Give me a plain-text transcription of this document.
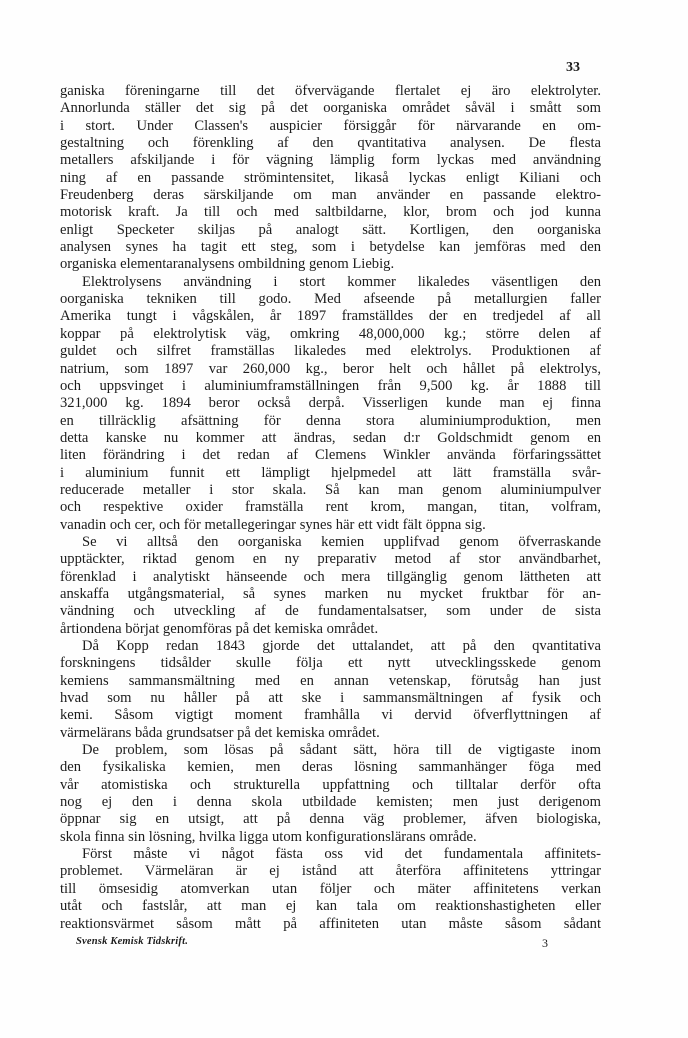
33
ganiska föreningarne till det öfvervägande flertalet ej äro elektrolyter.
Annorlunda ställer det sig på det oorganiska området såväl i smått som
i stort. Under Classen's auspicier försiggår för närvarande en om-
gestaltning och förenkling af den qvantitativa analysen. De flesta
metallers afskiljande i för vägning lämplig form lyckas med användning
ning af en passande strömintensitet, likaså lyckas enligt Kiliani och
Freudenberg deras särskiljande om man använder en passande elektro-
motorisk kraft. Ja till och med saltbildarne, klor, brom och jod kunna
enligt Specketer skiljas på analogt sätt. Kortligen, den oorganiska
analysen synes ha tagit ett steg, som i betydelse kan jemföras med den
organiska elementaranalysens ombildning genom Liebig.
Elektrolysens användning i stort kommer likaledes väsentligen den
oorganiska tekniken till godo. Med afseende på metallurgien faller
Amerika tungt i vågskålen, år 1897 framställdes der en tredjedel af all
koppar på elektrolytisk väg, omkring 48,000,000 kg.; större delen af
guldet och silfret framställas likaledes med elektrolys. Produktionen af
natrium, som 1897 var 260,000 kg., beror helt och hållet på elektrolys,
och uppsvinget i aluminiumframställningen från 9,500 kg. år 1888 till
321,000 kg. 1894 beror också derpå. Visserligen kunde man ej finna
en tillräcklig afsättning för denna stora aluminiumproduktion, men
detta kanske nu kommer att ändras, sedan d:r Goldschmidt genom en
liten förändring i det redan af Clemens Winkler använda förfaringssättet
i aluminium funnit ett lämpligt hjelpmedel att lätt framställa svår-
reducerade metaller i stor skala. Så kan man genom aluminiumpulver
och respektive oxider framställa rent krom, mangan, titan, volfram,
vanadin och cer, och för metallegeringar synes här ett vidt fält öppna sig.
Se vi alltså den oorganiska kemien upplifvad genom öfverraskande
upptäckter, riktad genom en ny preparativ metod af stor användbarhet,
förenklad i analytiskt hänseende och mera tillgänglig genom lättheten att
anskaffa utgångsmaterial, så synes marken nu mycket fruktbar för an-
vändning och utveckling af de fundamentalsatser, som under de sista
årtiondena börjat genomföras på det kemiska området.
Då Kopp redan 1843 gjorde det uttalandet, att på den qvantitativa
forskningens tidsålder skulle följa ett nytt utvecklingsskede genom
kemiens sammansmältning med en annan vetenskap, förutsåg han just
hvad som nu håller på att ske i sammansmältningen af fysik och
kemi. Såsom vigtigt moment framhålla vi dervid öfverflyttningen af
värmelärans båda grundsatser på det kemiska området.
De problem, som lösas på sådant sätt, höra till de vigtigaste inom
den fysikaliska kemien, men deras lösning sammanhänger föga med
vår atomistiska och strukturella uppfattning och tilltalar derför ofta
nog ej den i denna skola utbildade kemisten; men just derigenom
öppnar sig en utsigt, att på denna väg problemer, äfven biologiska,
skola finna sin lösning, hvilka ligga utom konfigurationslärans område.
Först måste vi något fästa oss vid det fundamentala affinitets-
problemet. Värmeläran är ej istånd att återföra affinitetens yttringar
till ömsesidig atomverkan utan följer och mäter affinitetens verkan
utåt och fastslår, att man ej kan tala om reaktionshastigheten eller
reaktionsvärmet såsom mått på affiniteten utan måste såsom sådant
Svensk Kemisk Tidskrift.	3
